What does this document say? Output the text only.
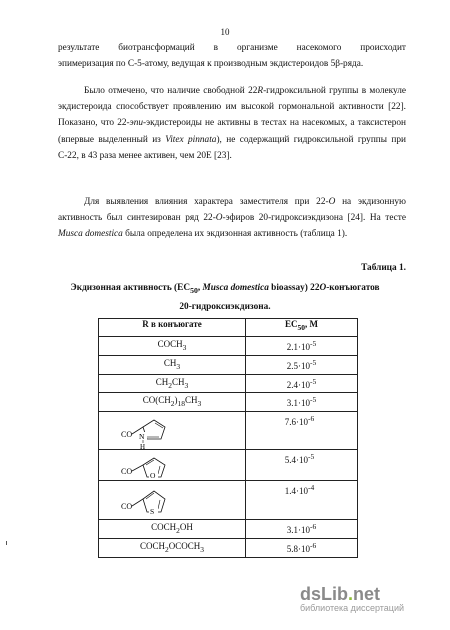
10
результате биотрансформаций в организме насекомого происходит
эпимеризация по С-5-атому, ведущая к производным экдистероидов 5β-ряда.
Было отмечено, что наличие свободной 22R-гидроксильной группы в молекуле экдистероида способствует проявлению им высокой гормональной активности [22]. Показано, что 22-эпи-экдистероиды не активны в тестах на насекомых, а таксистерон (впервые выделенный из Vitex pinnata), не содержащий гидроксильной группы при С-22, в 43 раза менее активен, чем 20Е [23].
Для выявления влияния характера заместителя при 22-О на экдизонную активность был синтезирован ряд 22-О-эфиров 20-гидроксиэкдизона [24]. На тесте Musca domestica была определена их экдизонная активность (таблица 1).
Таблица 1.
Экдизонная активность ($EC_{50}$, Musca domestica bioassay) 22O-конъюгатов
20-гидроксиэкдизона.
R в конъюгате	$EC_{50}$, M
$COCH_3$	$2.1\cdot 10^{-5}$
$CH_3$	$2.5\cdot 10^{-5}$
$CH_2CH_3$	$2.4\cdot 10^{-5}$
$CO(CH_2)_{18}CH_3$	$3.1\cdot 10^{-5}$

CO N
H	$7.6\cdot 10^{-6}$

CO O	$5.4\cdot 10^{-5}$

CO
S	$1.4\cdot 10^{-4}$

$COCH_2OH$	$3.1\cdot 10^{-6}$
$COCH_2OCOCH_3$	$5.8\cdot 10^{-6}$
dsLib.net
библиотека диссертаций
